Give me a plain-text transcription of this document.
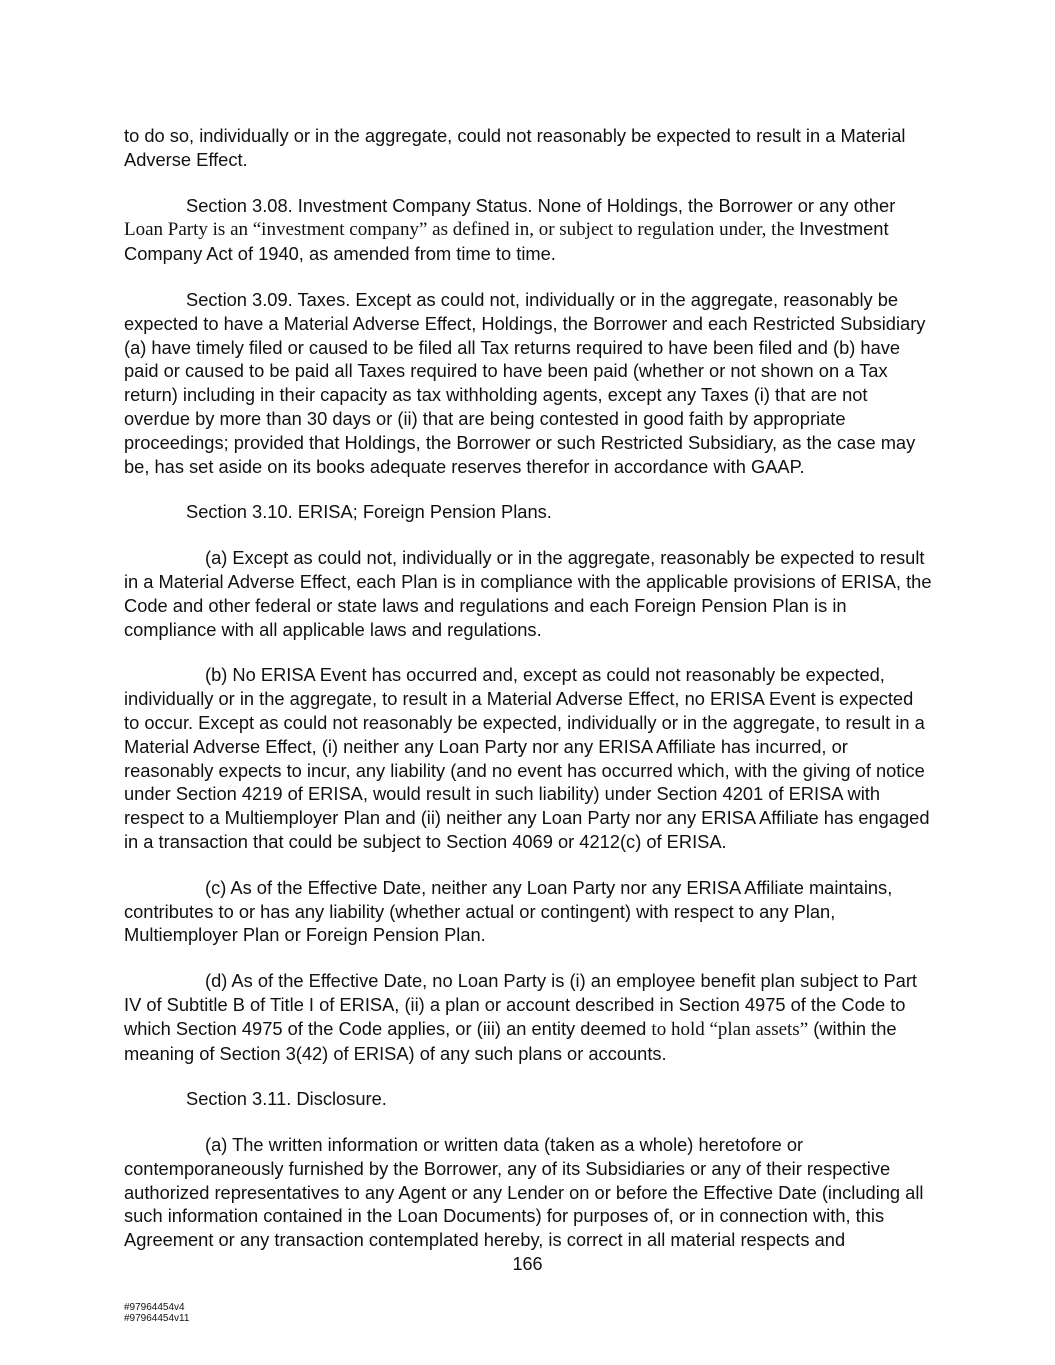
to do so, individually or in the aggregate, could not reasonably be expected to result in a Material Adverse Effect.

Section 3.08. Investment Company Status. None of Holdings, the Borrower or any other Loan Party is an “investment company” as defined in, or subject to regulation under, the Investment Company Act of 1940, as amended from time to time.

Section 3.09. Taxes. Except as could not, individually or in the aggregate, reasonably be expected to have a Material Adverse Effect, Holdings, the Borrower and each Restricted Subsidiary (a) have timely filed or caused to be filed all Tax returns required to have been filed and (b) have paid or caused to be paid all Taxes required to have been paid (whether or not shown on a Tax return) including in their capacity as tax withholding agents, except any Taxes (i) that are not overdue by more than 30 days or (ii) that are being contested in good faith by appropriate proceedings; provided that Holdings, the Borrower or such Restricted Subsidiary, as the case may be, has set aside on its books adequate reserves therefor in accordance with GAAP.

Section 3.10. ERISA; Foreign Pension Plans.

(a) Except as could not, individually or in the aggregate, reasonably be expected to result in a Material Adverse Effect, each Plan is in compliance with the applicable provisions of ERISA, the Code and other federal or state laws and regulations and each Foreign Pension Plan is in compliance with all applicable laws and regulations.

(b) No ERISA Event has occurred and, except as could not reasonably be expected, individually or in the aggregate, to result in a Material Adverse Effect, no ERISA Event is expected to occur. Except as could not reasonably be expected, individually or in the aggregate, to result in a Material Adverse Effect, (i) neither any Loan Party nor any ERISA Affiliate has incurred, or reasonably expects to incur, any liability (and no event has occurred which, with the giving of notice under Section 4219 of ERISA, would result in such liability) under Section 4201 of ERISA with respect to a Multiemployer Plan and (ii) neither any Loan Party nor any ERISA Affiliate has engaged in a transaction that could be subject to Section 4069 or 4212(c) of ERISA.

(c) As of the Effective Date, neither any Loan Party nor any ERISA Affiliate maintains, contributes to or has any liability (whether actual or contingent) with respect to any Plan, Multiemployer Plan or Foreign Pension Plan.

(d) As of the Effective Date, no Loan Party is (i) an employee benefit plan subject to Part IV of Subtitle B of Title I of ERISA, (ii) a plan or account described in Section 4975 of the Code to which Section 4975 of the Code applies, or (iii) an entity deemed to hold “plan assets” (within the meaning of Section 3(42) of ERISA) of any such plans or accounts.

Section 3.11. Disclosure.

(a) The written information or written data (taken as a whole) heretofore or contemporaneously furnished by the Borrower, any of its Subsidiaries or any of their respective authorized representatives to any Agent or any Lender on or before the Effective Date (including all such information contained in the Loan Documents) for purposes of, or in connection with, this Agreement or any transaction contemplated hereby, is correct in all material respects and

166
#97964454v4
#97964454v11
